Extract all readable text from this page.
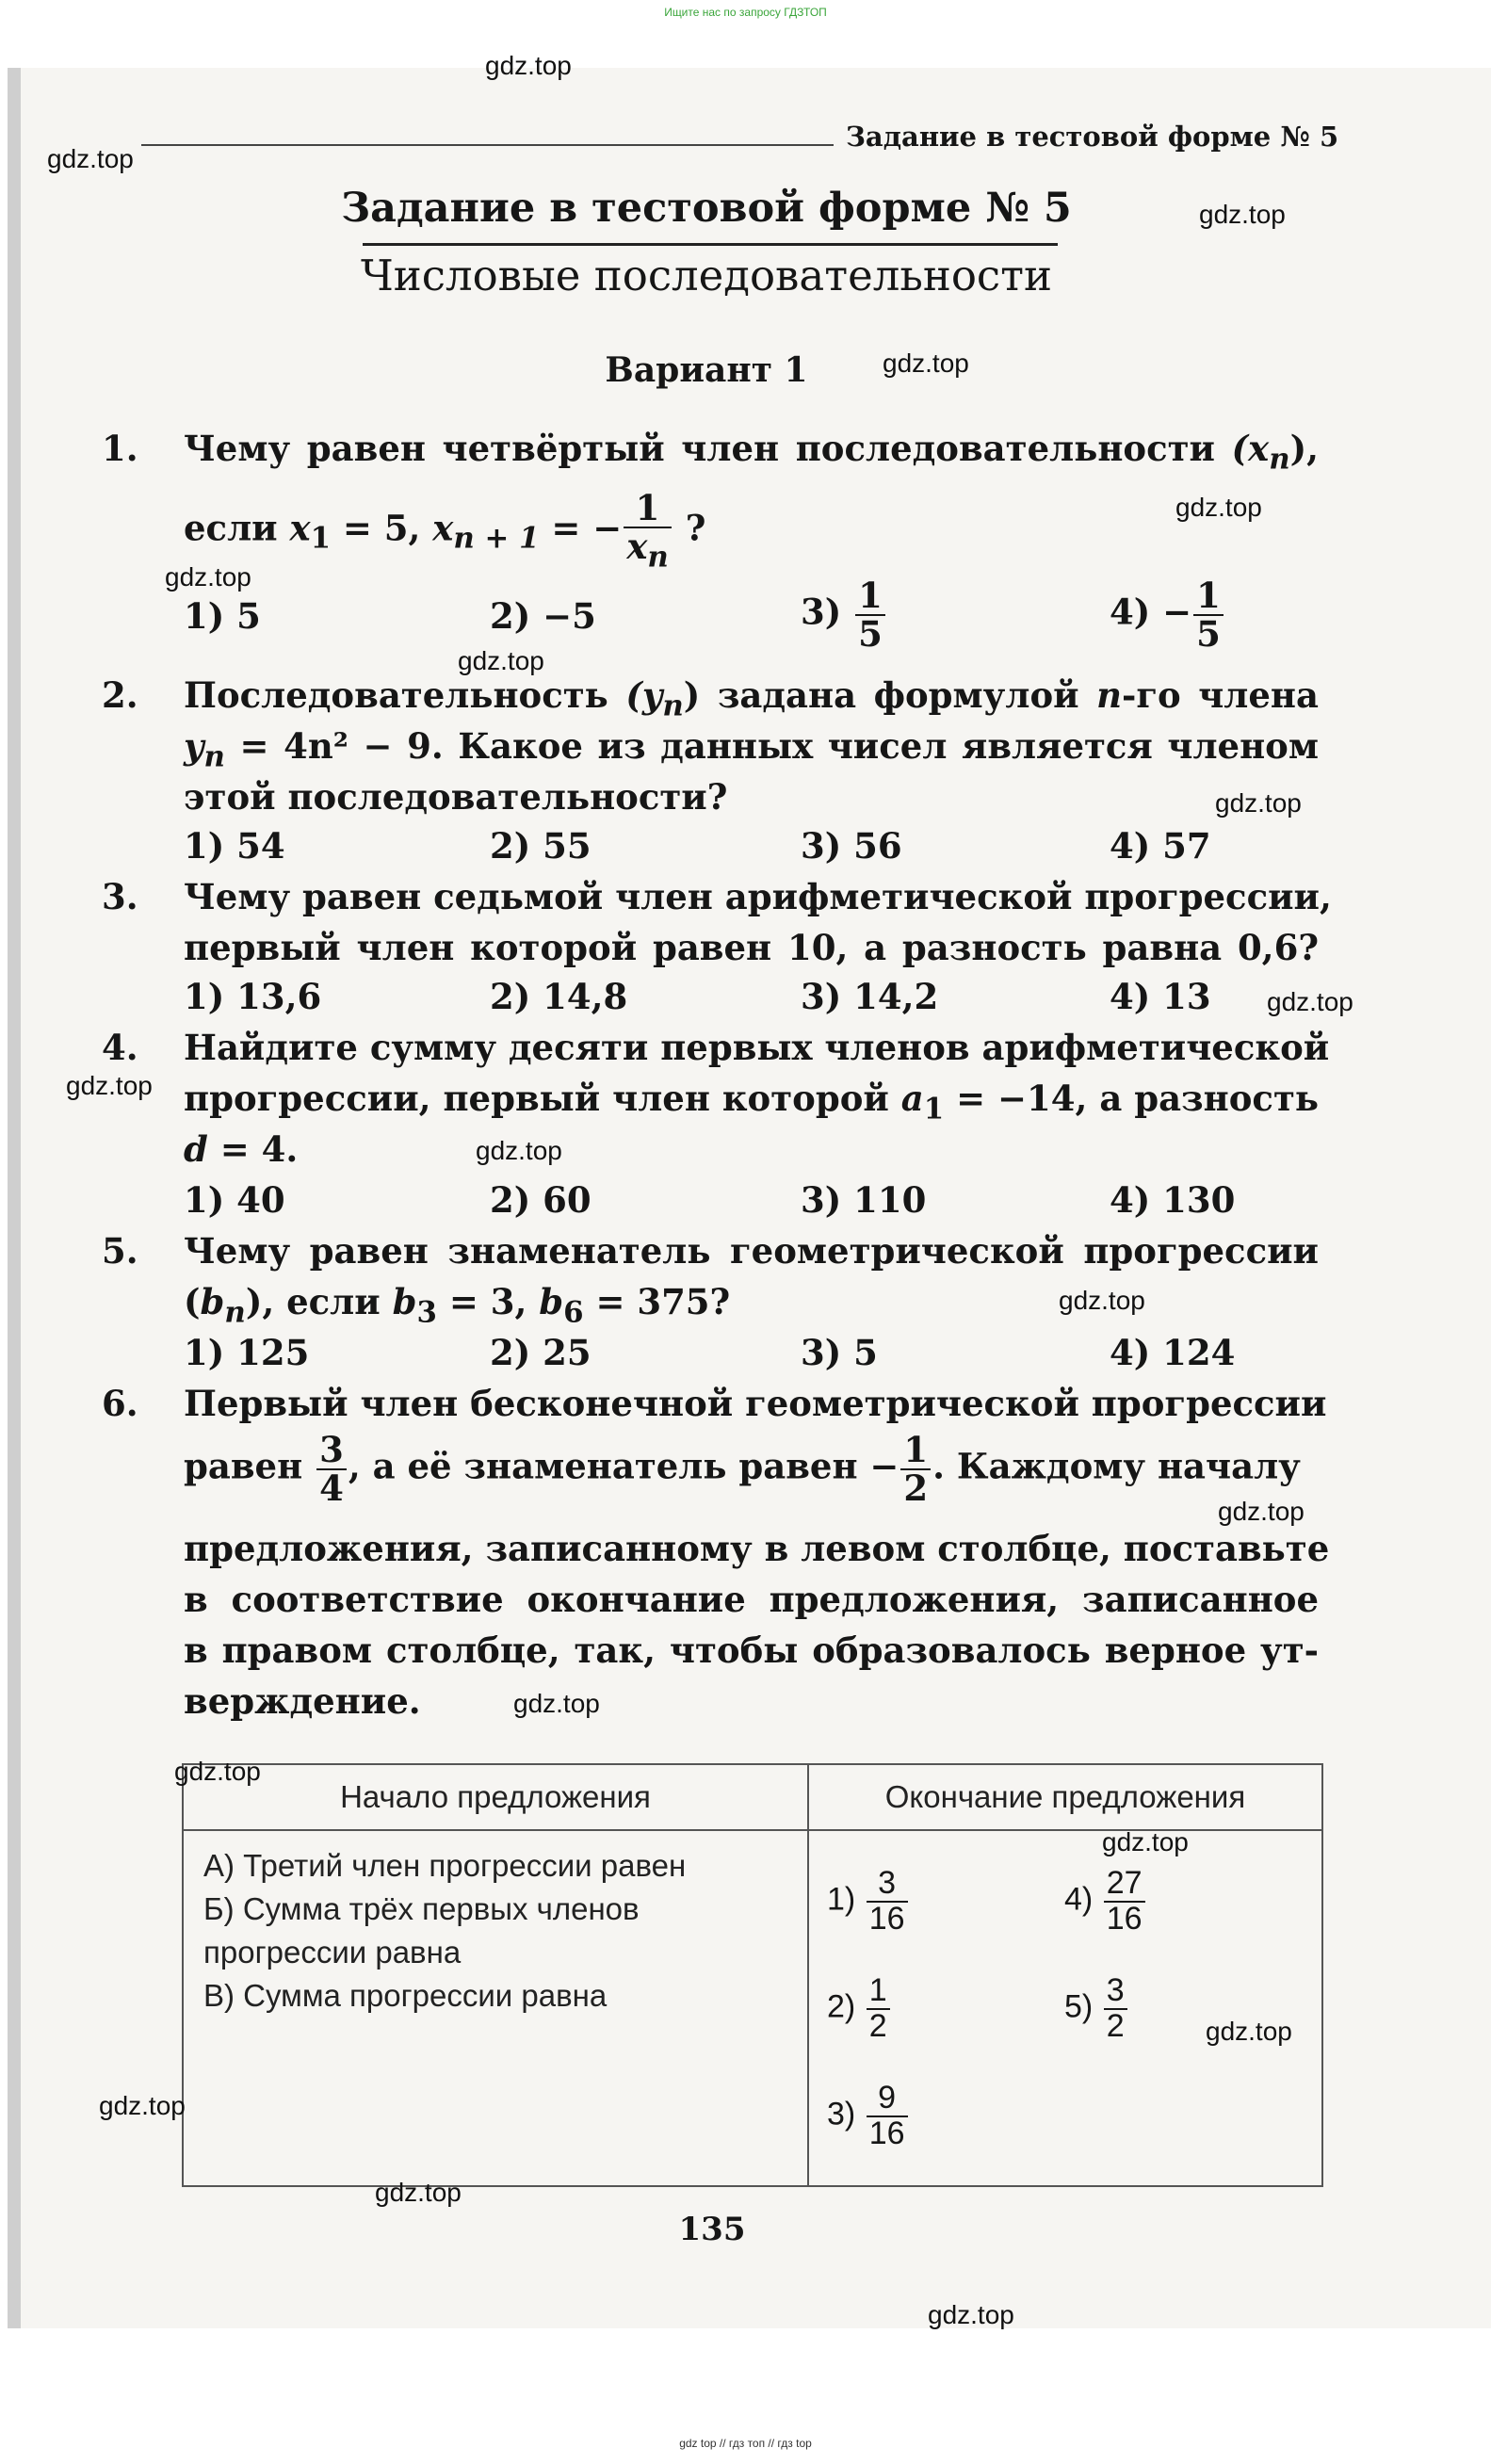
Ищите нас по запросу ГДЗТОП
Задание в тестовой форме № 5
Задание в тестовой форме № 5
Числовые последовательности
Вариант 1
1. Чему равен четвёртый член последовательности $(x_n)$,
если $x_1 = 5$, $x_{n + 1}$ = − $\frac{1}{x_n}$ ?
1) 5	2) −5	$3) \frac{1}{5}$	$4) - \frac{1}{5}$
2. Последовательность $(y_n)$ задана формулой n-го члена
$y_n = 4n^2 - 9$. Какое из данных чисел является членом
этой последовательности?
1) 54	2) 55	3) 56	4) 57
3. Чему равен седьмой член арифметической прогрессии,
первый член которой равен 10, а разность равна 0,6?
1) 13,6	2) 14,8	3) 14,2	4) 13
4. Найдите сумму десяти первых членов арифметической
прогрессии, первый член которой $a_1 = -14$, а разность
d = 4.
1) 40	2) 60	3) 110	4) 130
5. Чему равен знаменатель геометрической прогрессии
$(b_n)$, если $b_3 = 3$, $b_6 = 375$?
1) 125	2) 25	3) 5	4) 124
6. Первый член бесконечной геометрической прогрессии
равен $\frac{3}{4}$ , а её знаменатель равен − $\frac{1}{2}$ . Каждому началу
предложения, записанному в левом столбце, поставьте
в соответствие окончание предложения, записанное
в правом столбце, так, чтобы образовалось верное ут-
верждение.
Начало предложения	Окончание предложения

А) Третий член прогрессии равен
Б) Сумма трёх первых членов
прогрессии равна
В) Сумма прогрессии равна	

$1) \frac{3}{16}$	$4) \frac{27}{16}$
$2) \frac{1}{2}$	$5) \frac{3}{2}$
$3) \frac{9}{16}$
135
gdz.top
gdz.top
gdz.top
gdz.top
gdz.top
gdz.top
gdz.top
gdz.top
gdz.top
gdz.top
gdz.top
gdz.top
gdz.top
gdz.top
gdz.top
gdz.top
gdz.top
gdz.top
gdz.top
gdz.top
gdz top // гдз топ // гдз top
